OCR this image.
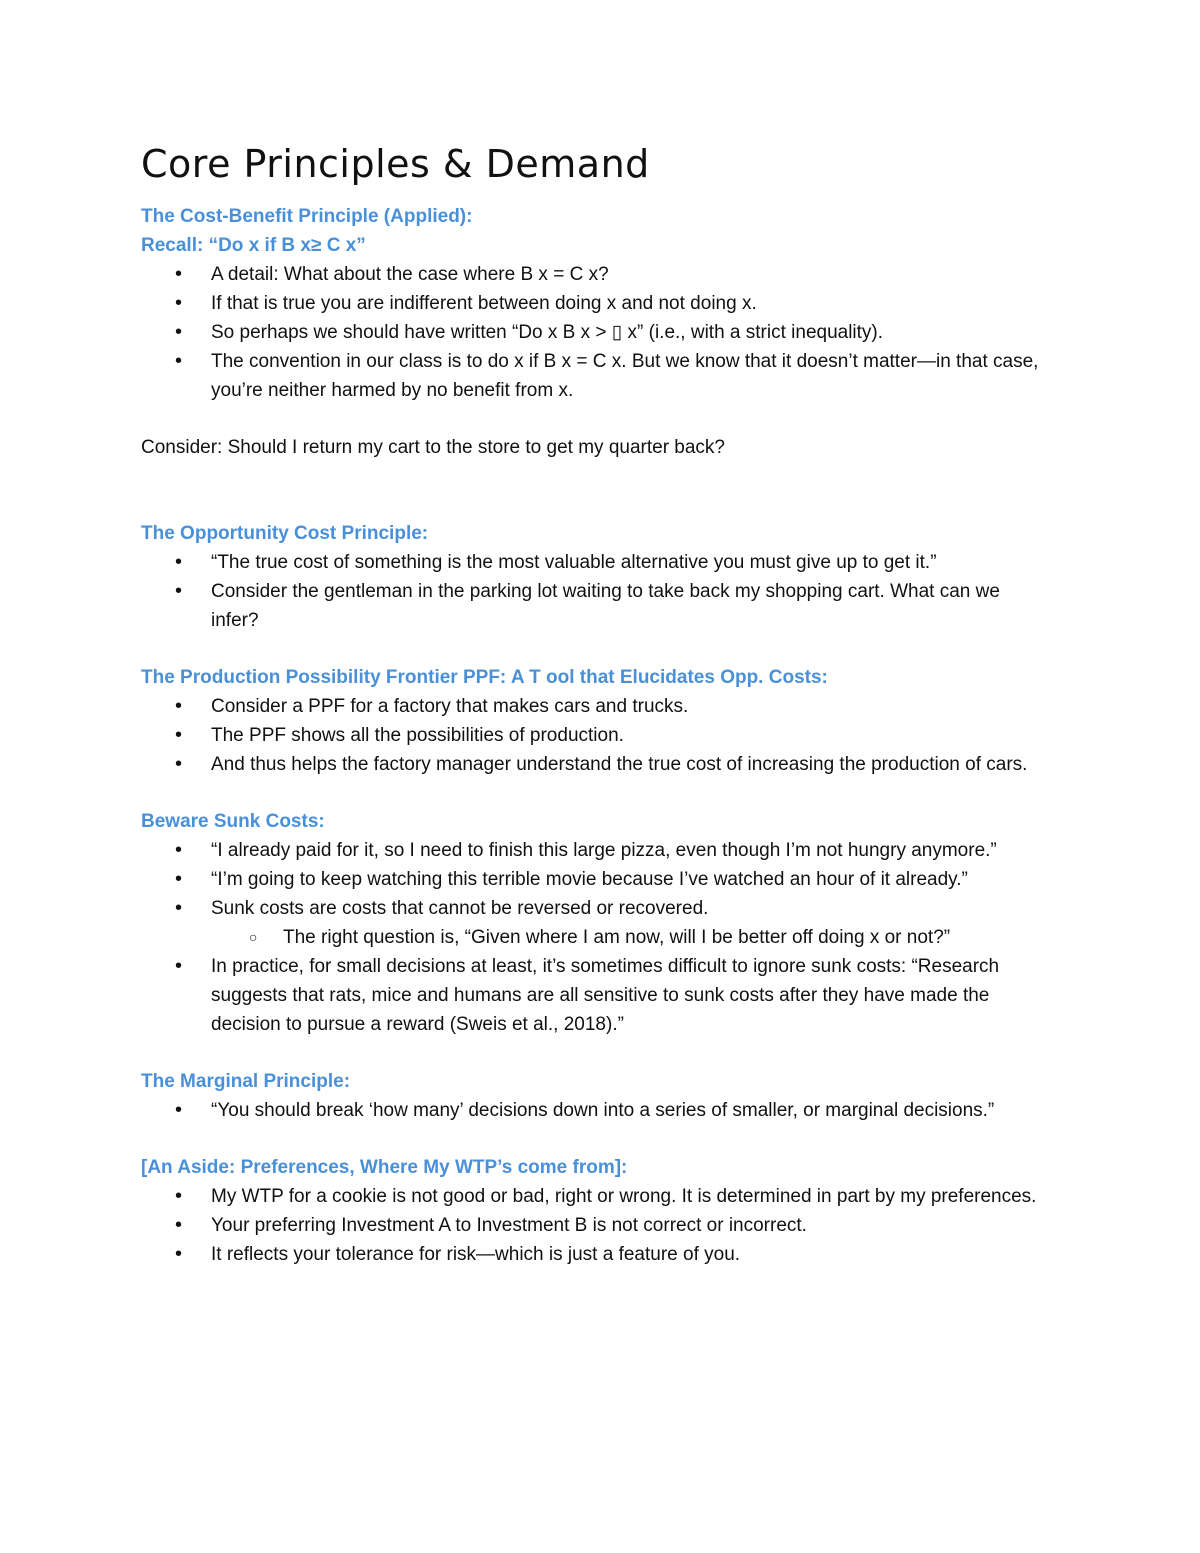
Core Principles & Demand

The Cost-Benefit Principle (Applied):

Recall: “Do x if B x≥ C x”

• A detail: What about the case where B x = C x?
• If that is true you are indifferent between doing x and not doing x.
• So perhaps we should have written “Do x B x > ▯ x” (i.e., with a strict inequality).
• The convention in our class is to do x if B x = C x. But we know that it doesn’t matter—in that case, you’re neither harmed by no benefit from x.

Consider: Should I return my cart to the store to get my quarter back?

The Opportunity Cost Principle:

• “The true cost of something is the most valuable alternative you must give up to get it.”
• Consider the gentleman in the parking lot waiting to take back my shopping cart. What can we infer?

The Production Possibility Frontier PPF: A T ool that Elucidates Opp. Costs:

• Consider a PPF for a factory that makes cars and trucks.
• The PPF shows all the possibilities of production.
• And thus helps the factory manager understand the true cost of increasing the production of cars.

Beware Sunk Costs:

• “I already paid for it, so I need to finish this large pizza, even though I’m not hungry anymore.”
• “I’m going to keep watching this terrible movie because I’ve watched an hour of it already.”
• Sunk costs are costs that cannot be reversed or recovered.
○ The right question is, “Given where I am now, will I be better off doing x or not?”
• In practice, for small decisions at least, it’s sometimes difficult to ignore sunk costs: “Research suggests that rats, mice and humans are all sensitive to sunk costs after they have made the decision to pursue a reward (Sweis et al., 2018).”

The Marginal Principle:

• “You should break ‘how many’ decisions down into a series of smaller, or marginal decisions.”

[An Aside: Preferences, Where My WTP’s come from]:

• My WTP for a cookie is not good or bad, right or wrong. It is determined in part by my preferences.
• Your preferring Investment A to Investment B is not correct or incorrect.
• It reflects your tolerance for risk—which is just a feature of you.
